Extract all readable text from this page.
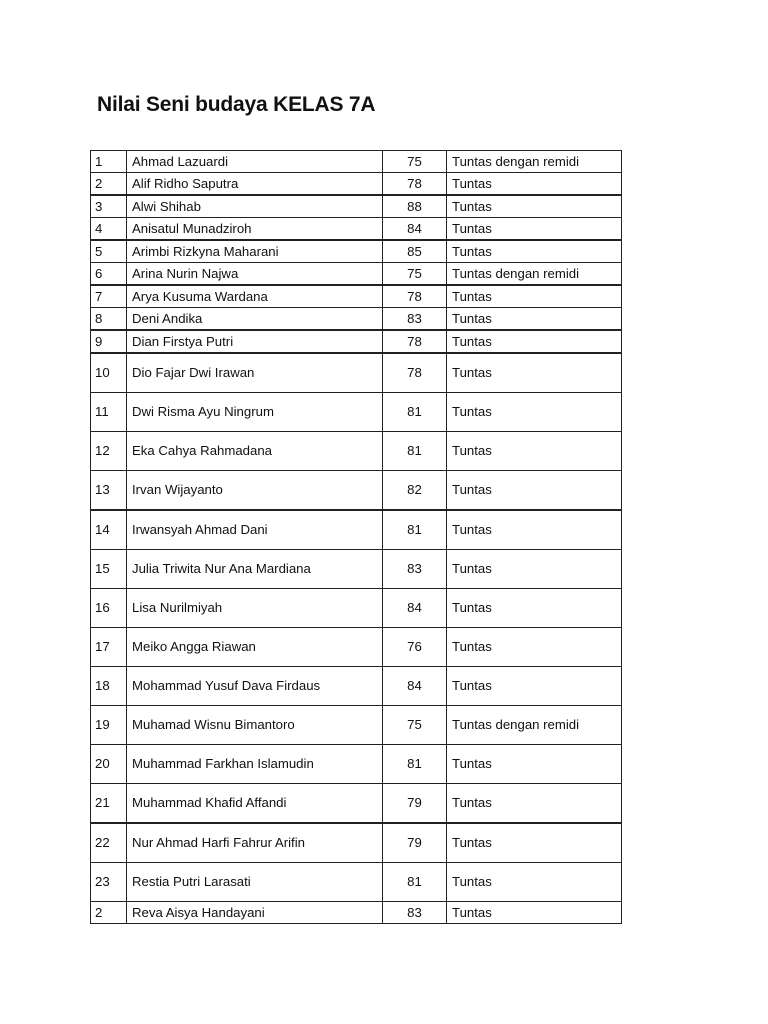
Nilai Seni budaya KELAS 7A
1	Ahmad Lazuardi	75	Tuntas dengan remidi
2	Alif Ridho Saputra	78	Tuntas
3	Alwi Shihab	88	Tuntas
4	Anisatul Munadziroh	84	Tuntas
5	Arimbi Rizkyna Maharani	85	Tuntas
6	Arina Nurin Najwa	75	Tuntas dengan remidi
7	Arya Kusuma Wardana	78	Tuntas
8	Deni Andika	83	Tuntas
9	Dian Firstya Putri	78	Tuntas
10	Dio Fajar Dwi Irawan	78	Tuntas
11	Dwi Risma Ayu Ningrum	81	Tuntas
12	Eka Cahya Rahmadana	81	Tuntas
13	Irvan Wijayanto	82	Tuntas
14	Irwansyah Ahmad Dani	81	Tuntas
15	Julia Triwita Nur Ana Mardiana	83	Tuntas
16	Lisa Nurilmiyah	84	Tuntas
17	Meiko Angga Riawan	76	Tuntas
18	Mohammad Yusuf Dava Firdaus	84	Tuntas
19	Muhamad Wisnu Bimantoro	75	Tuntas dengan remidi
20	Muhammad Farkhan Islamudin	81	Tuntas
21	Muhammad Khafid Affandi	79	Tuntas
22	Nur Ahmad Harfi Fahrur Arifin	79	Tuntas
23	Restia Putri Larasati	81	Tuntas
2	Reva Aisya Handayani	83	Tuntas
